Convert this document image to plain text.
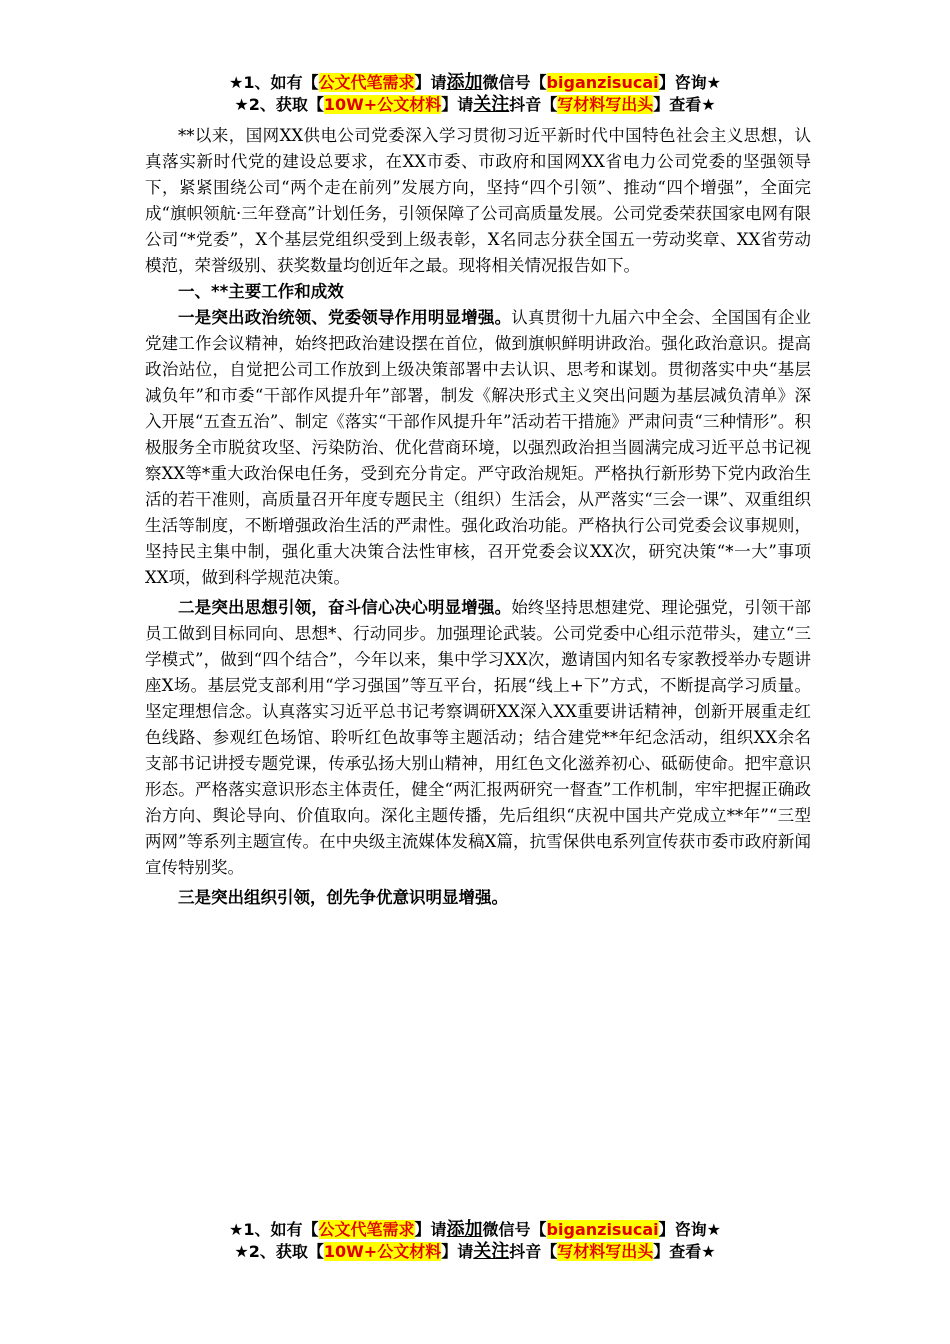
★1、如有【公文代笔需求】请添加微信号【biganzisucai】咨询★
★2、获取【10W+公文材料】请关注抖音【写材料写出头】查看★

**以来，国网XX供电公司党委深入学习贯彻习近平新时代中国特色社会主义思想，认真落实新时代党的建设总要求，在XX市委、市政府和国网XX省电力公司党委的坚强领导下，紧紧围绕公司“两个走在前列”发展方向，坚持“四个引领”、推动“四个增强”，全面完成“旗帜领航·三年登高”计划任务，引领保障了公司高质量发展。公司党委荣获国家电网有限公司“*党委”，X个基层党组织受到上级表彰，X名同志分获全国五一劳动奖章、XX省劳动模范，荣誉级别、获奖数量均创近年之最。现将相关情况报告如下。

一、**主要工作和成效

一是突出政治统领、党委领导作用明显增强。认真贯彻十九届六中全会、全国国有企业党建工作会议精神，始终把政治建设摆在首位，做到旗帜鲜明讲政治。强化政治意识。提高政治站位，自觉把公司工作放到上级决策部署中去认识、思考和谋划。贯彻落实中央“基层减负年”和市委“干部作风提升年”部署，制发《解决形式主义突出问题为基层减负清单》深入开展“五查五治”、制定《落实“干部作风提升年”活动若干措施》严肃问责“三种情形”。积极服务全市脱贫攻坚、污染防治、优化营商环境，以强烈政治担当圆满完成习近平总书记视察XX等*重大政治保电任务，受到充分肯定。严守政治规矩。严格执行新形势下党内政治生活的若干准则，高质量召开年度专题民主（组织）生活会，从严落实“三会一课”、双重组织生活等制度，不断增强政治生活的严肃性。强化政治功能。严格执行公司党委会议事规则，坚持民主集中制，强化重大决策合法性审核，召开党委会议XX次，研究决策“*一大”事项XX项，做到科学规范决策。

二是突出思想引领，奋斗信心决心明显增强。始终坚持思想建党、理论强党，引领干部员工做到目标同向、思想*、行动同步。加强理论武装。公司党委中心组示范带头，建立“三学模式”，做到“四个结合”，今年以来，集中学习XX次，邀请国内知名专家教授举办专题讲座X场。基层党支部利用“学习强国”等互平台，拓展“线上+下”方式，不断提高学习质量。坚定理想信念。认真落实习近平总书记考察调研XX深入XX重要讲话精神，创新开展重走红色线路、参观红色场馆、聆听红色故事等主题活动；结合建党**年纪念活动，组织XX余名支部书记讲授专题党课，传承弘扬大别山精神，用红色文化滋养初心、砥砺使命。把牢意识形态。严格落实意识形态主体责任，健全“两汇报两研究一督查”工作机制，牢牢把握正确政治方向、舆论导向、价值取向。深化主题传播，先后组织“庆祝中国共产党成立**年”“三型两网”等系列主题宣传。在中央级主流媒体发稿X篇，抗雪保供电系列宣传获市委市政府新闻宣传特别奖。

三是突出组织引领，创先争优意识明显增强。

★1、如有【公文代笔需求】请添加微信号【biganzisucai】咨询★
★2、获取【10W+公文材料】请关注抖音【写材料写出头】查看★
